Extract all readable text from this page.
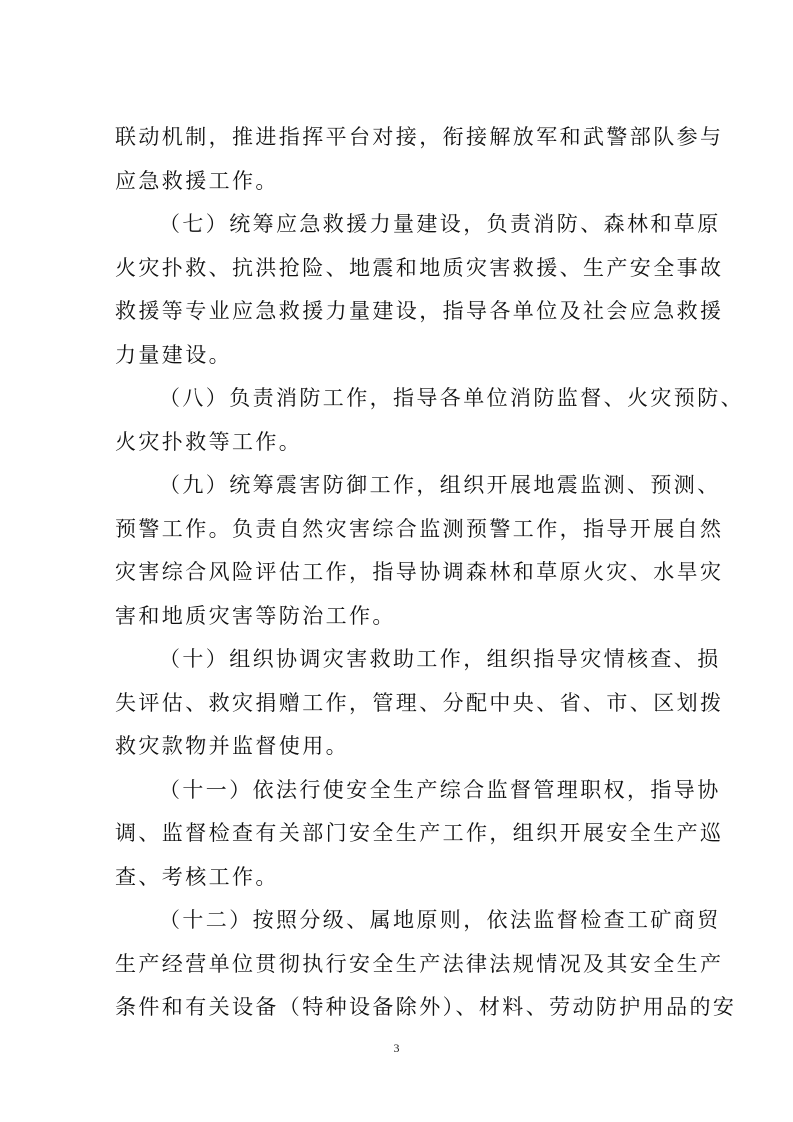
联动机制，推进指挥平台对接，衔接解放军和武警部队参与
应急救援工作。
（七）统筹应急救援力量建设，负责消防、森林和草原
火灾扑救、抗洪抢险、地震和地质灾害救援、生产安全事故
救援等专业应急救援力量建设，指导各单位及社会应急救援
力量建设。
（八）负责消防工作，指导各单位消防监督、火灾预防、
火灾扑救等工作。
（九）统筹震害防御工作，组织开展地震监测、预测、
预警工作。负责自然灾害综合监测预警工作，指导开展自然
灾害综合风险评估工作，指导协调森林和草原火灾、水旱灾
害和地质灾害等防治工作。
（十）组织协调灾害救助工作，组织指导灾情核查、损
失评估、救灾捐赠工作，管理、分配中央、省、市、区划拨
救灾款物并监督使用。
（十一）依法行使安全生产综合监督管理职权，指导协
调、监督检查有关部门安全生产工作，组织开展安全生产巡
查、考核工作。
（十二）按照分级、属地原则，依法监督检查工矿商贸
生产经营单位贯彻执行安全生产法律法规情况及其安全生产
条件和有关设备（特种设备除外）、材料、劳动防护用品的安
3
